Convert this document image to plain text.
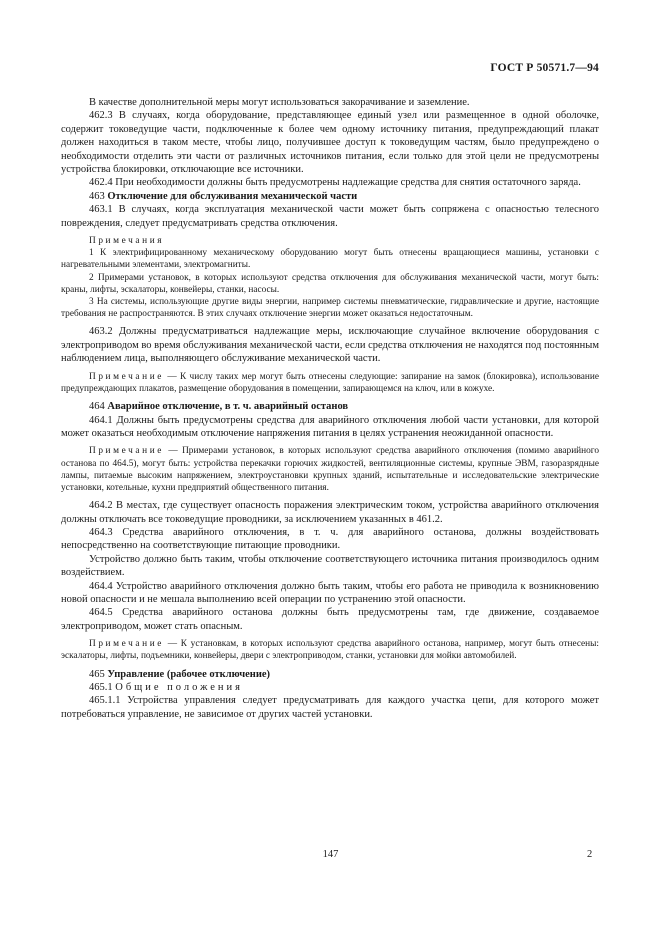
ГОСТ Р 50571.7—94

В качестве дополнительной меры могут использоваться закорачивание и заземление.

462.3 В случаях, когда оборудование, представляющее единый узел или размещенное в одной оболочке, содержит токоведущие части, подключенные к более чем одному источнику питания, предупреждающий плакат должен находиться в таком месте, чтобы лицо, получившее доступ к токоведущим частям, было предупреждено о необходимости отделить эти части от различных источников питания, если только для этой цели не предусмотрены устройства блокировки, отключающие все источники.

462.4 При необходимости должны быть предусмотрены надлежащие средства для снятия остаточного заряда.

463 Отключение для обслуживания механической части

463.1 В случаях, когда эксплуатация механической части может быть сопряжена с опасностью телесного повреждения, следует предусматривать средства отключения.

Примечания

1 К электрифицированному механическому оборудованию могут быть отнесены вращающиеся машины, установки с нагревательными элементами, электромагниты.

2 Примерами установок, в которых используют средства отключения для обслуживания механической части, могут быть: краны, лифты, эскалаторы, конвейеры, станки, насосы.

3 На системы, использующие другие виды энергии, например системы пневматические, гидравлические и другие, настоящие требования не распространяются. В этих случаях отключение энергии может оказаться недостаточным.

463.2 Должны предусматриваться надлежащие меры, исключающие случайное включение оборудования с электроприводом во время обслуживания механической части, если средства отключения не находятся под постоянным наблюдением лица, выполняющего обслуживание механической части.

Примечание — К числу таких мер могут быть отнесены следующие: запирание на замок (блокировка), использование предупреждающих плакатов, размещение оборудования в помещении, запирающемся на ключ, или в кожухе.

464 Аварийное отключение, в т. ч. аварийный останов

464.1 Должны быть предусмотрены средства для аварийного отключения любой части установки, для которой может оказаться необходимым отключение напряжения питания в целях устранения неожиданной опасности.

Примечание — Примерами установок, в которых используют средства аварийного отключения (помимо аварийного останова по 464.5), могут быть: устройства перекачки горючих жидкостей, вентиляционные системы, крупные ЭВМ, газоразрядные лампы, питаемые высоким напряжением, электроустановки крупных зданий, испытательные и исследовательские электрические установки, котельные, кухни предприятий общественного питания.

464.2 В местах, где существует опасность поражения электрическим током, устройства аварийного отключения должны отключать все токоведущие проводники, за исключением указанных в 461.2.

464.3 Средства аварийного отключения, в т. ч. для аварийного останова, должны воздействовать непосредственно на соответствующие питающие проводники.

Устройство должно быть таким, чтобы отключение соответствующего источника питания производилось одним воздействием.

464.4 Устройство аварийного отключения должно быть таким, чтобы его работа не приводила к возникновению новой опасности и не мешала выполнению всей операции по устранению этой опасности.

464.5 Средства аварийного останова должны быть предусмотрены там, где движение, создаваемое электроприводом, может стать опасным.

Примечание — К установкам, в которых используют средства аварийного останова, например, могут быть отнесены: эскалаторы, лифты, подъемники, конвейеры, двери с электроприводом, станки, установки для мойки автомобилей.

465 Управление (рабочее отключение)

465.1 Общие положения

465.1.1 Устройства управления следует предусматривать для каждого участка цепи, для которого может потребоваться управление, не зависимое от других частей установки.

147	2
